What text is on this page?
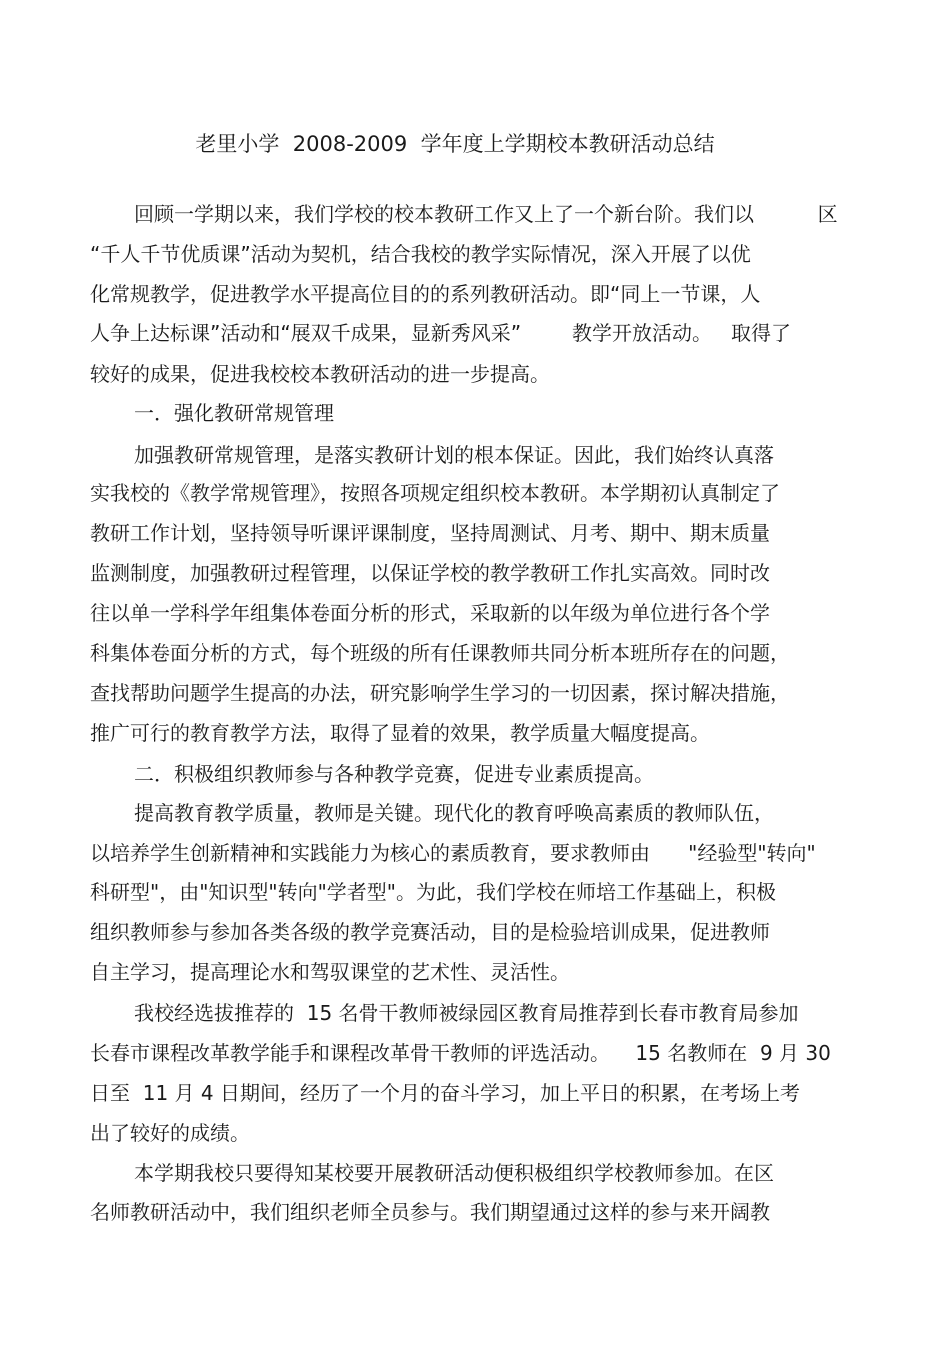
老里小学  2008-2009  学年度上学期校本教研活动总结
回顾一学期以来，我们学校的校本教研工作又上了一个新台阶。我们以          区
“千人千节优质课”活动为契机，结合我校的教学实际情况，深入开展了以优
化常规教学，促进教学水平提高位目的的系列教研活动。即“同上一节课，人
人争上达标课”活动和“展双千成果，显新秀风采”        教学开放活动。   取得了
较好的成果，促进我校校本教研活动的进一步提高。
一．强化教研常规管理
加强教研常规管理，是落实教研计划的根本保证。因此，我们始终认真落
实我校的《教学常规管理》，按照各项规定组织校本教研。本学期初认真制定了
教研工作计划，坚持领导听课评课制度，坚持周测试、月考、期中、期末质量
监测制度，加强教研过程管理，以保证学校的教学教研工作扎实高效。同时改
往以单一学科学年组集体卷面分析的形式，采取新的以年级为单位进行各个学
科集体卷面分析的方式，每个班级的所有任课教师共同分析本班所存在的问题，
查找帮助问题学生提高的办法，研究影响学生学习的一切因素，探讨解决措施，
推广可行的教育教学方法，取得了显着的效果，教学质量大幅度提高。
二．积极组织教师参与各种教学竞赛，促进专业素质提高。
提高教育教学质量，教师是关键。现代化的教育呼唤高素质的教师队伍，
以培养学生创新精神和实践能力为核心的素质教育，要求教师由      "经验型"转向"
科研型"，由"知识型"转向"学者型"。为此，我们学校在师培工作基础上，积极
组织教师参与参加各类各级的教学竞赛活动，目的是检验培训成果，促进教师
自主学习，提高理论水和驾驭课堂的艺术性、灵活性。
我校经选拔推荐的  15 名骨干教师被绿园区教育局推荐到长春市教育局参加
长春市课程改革教学能手和课程改革骨干教师的评选活动。    15 名教师在  9 月 30
日至  11 月 4 日期间，经历了一个月的奋斗学习，加上平日的积累，在考场上考
出了较好的成绩。
本学期我校只要得知某校要开展教研活动便积极组织学校教师参加。在区
名师教研活动中，我们组织老师全员参与。我们期望通过这样的参与来开阔教
